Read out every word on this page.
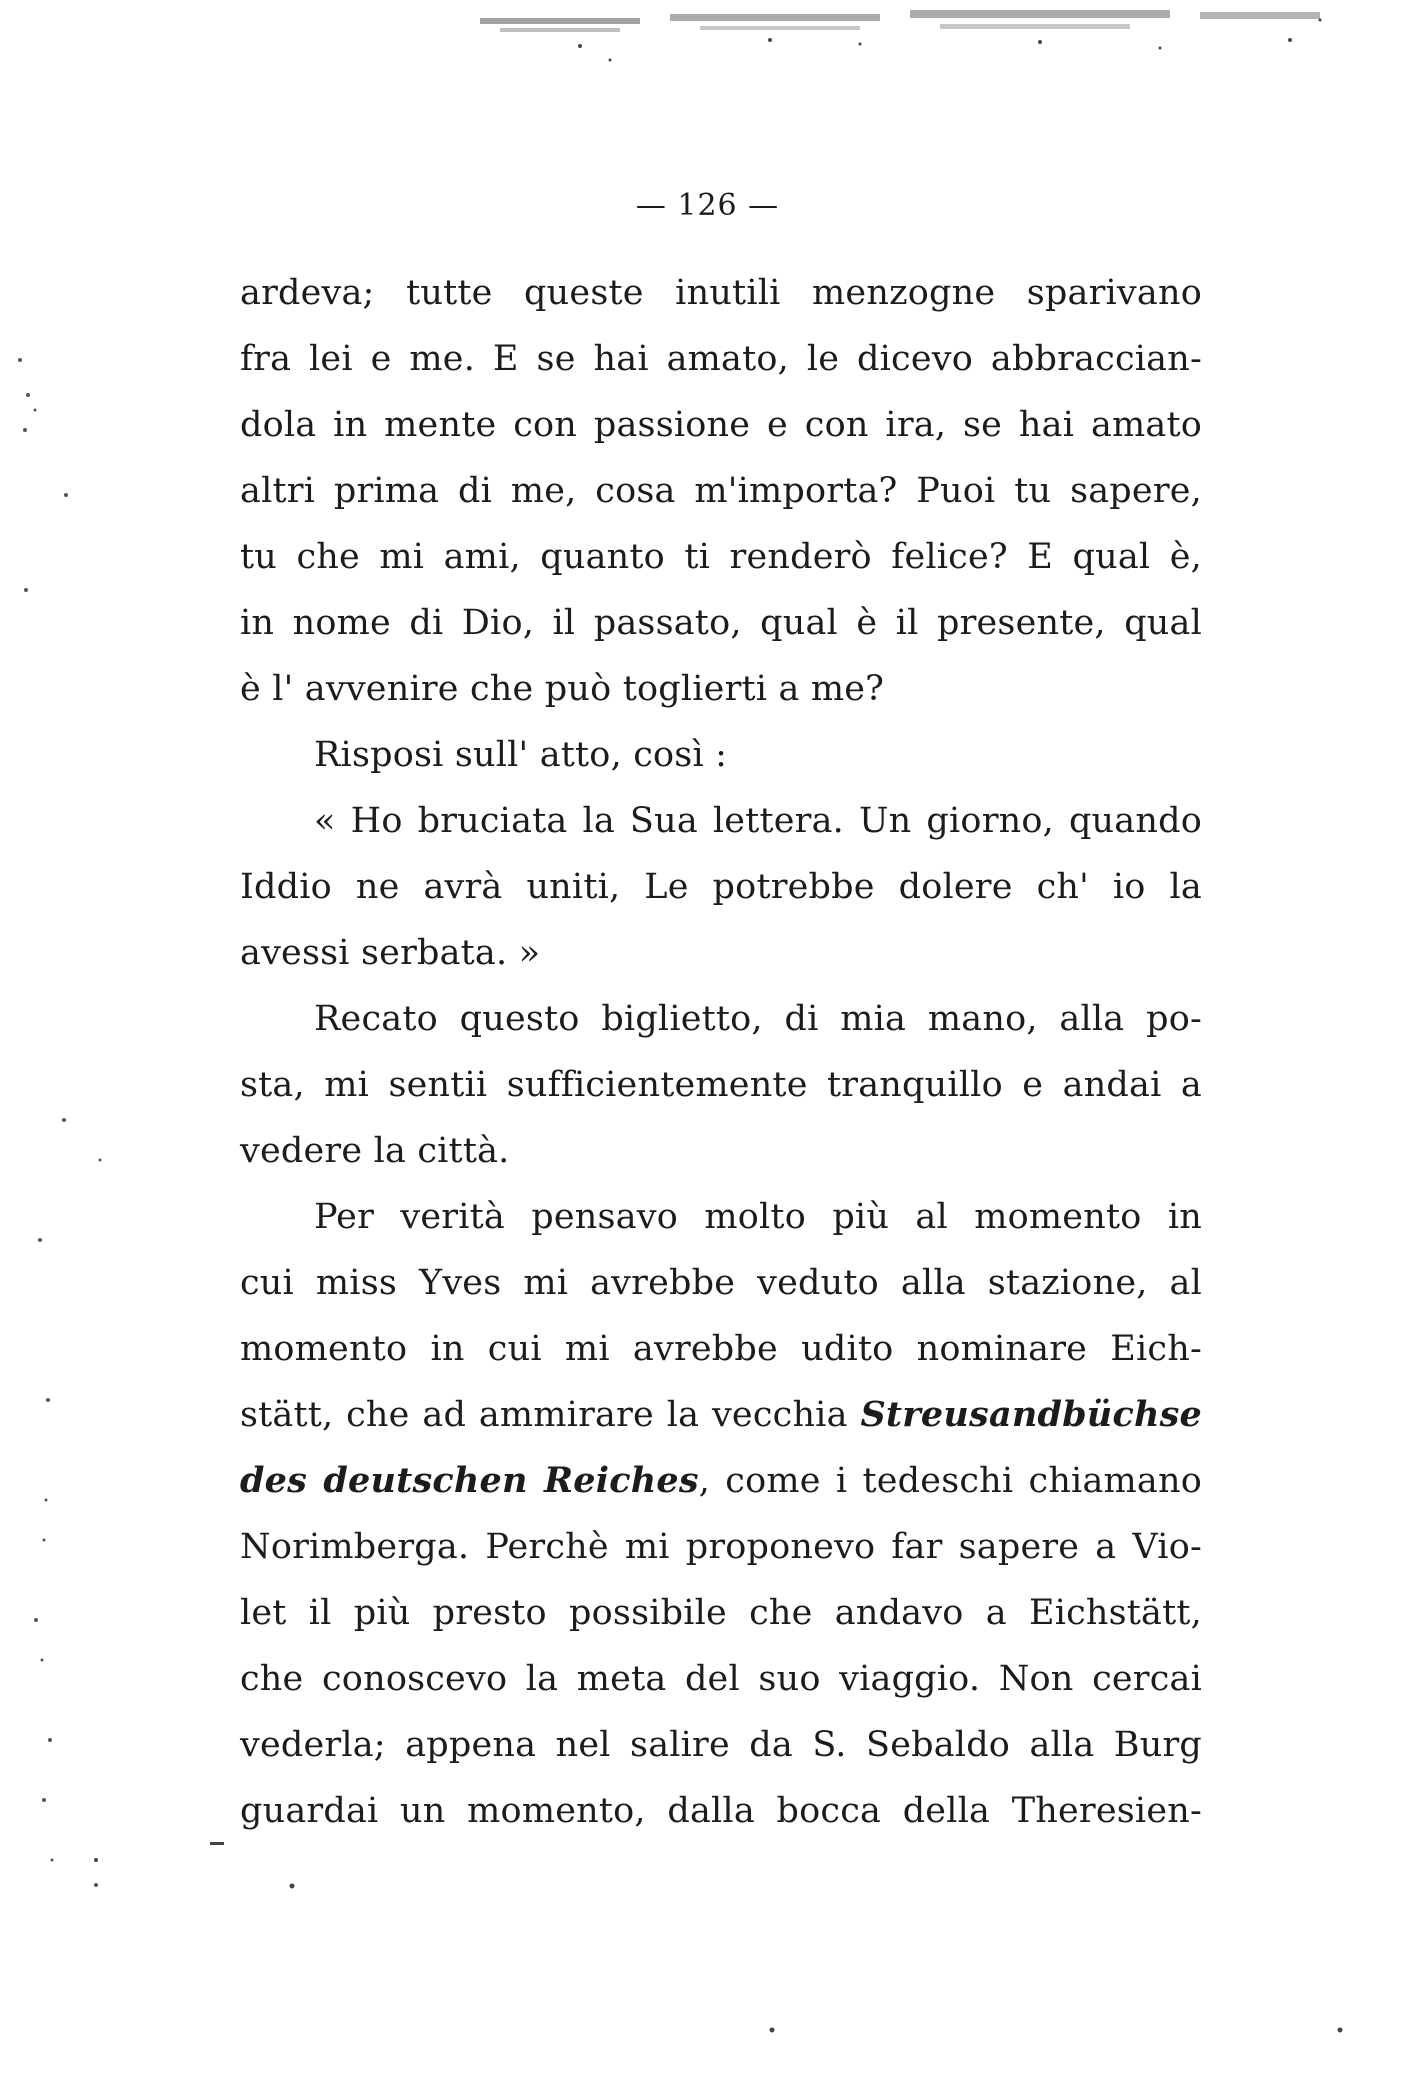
— 126 —
ardeva; tutte queste inutili menzogne sparivano
fra lei e me. E se hai amato, le dicevo abbraccian-
dola in mente con passione e con ira, se hai amato
altri prima di me, cosa m'importa? Puoi tu sapere,
tu che mi ami, quanto ti renderò felice? E qual è,
in nome di Dio, il passato, qual è il presente, qual
è l' avvenire che può toglierti a me?
Risposi sull' atto, così :
« Ho bruciata la Sua lettera. Un giorno, quando
Iddio ne avrà uniti, Le potrebbe dolere ch' io la
avessi serbata. »
Recato questo biglietto, di mia mano, alla po-
sta, mi sentii sufficientemente tranquillo e andai a
vedere la città.
Per verità pensavo molto più al momento in
cui miss Yves mi avrebbe veduto alla stazione, al
momento in cui mi avrebbe udito nominare Eich-
stätt, che ad ammirare la vecchia Streusandbüchse
des deutschen Reiches, come i tedeschi chiamano
Norimberga. Perchè mi proponevo far sapere a Vio-
let il più presto possibile che andavo a Eichstätt,
che conoscevo la meta del suo viaggio. Non cercai
vederla; appena nel salire da S. Sebaldo alla Burg
guardai un momento, dalla bocca della Theresien-
